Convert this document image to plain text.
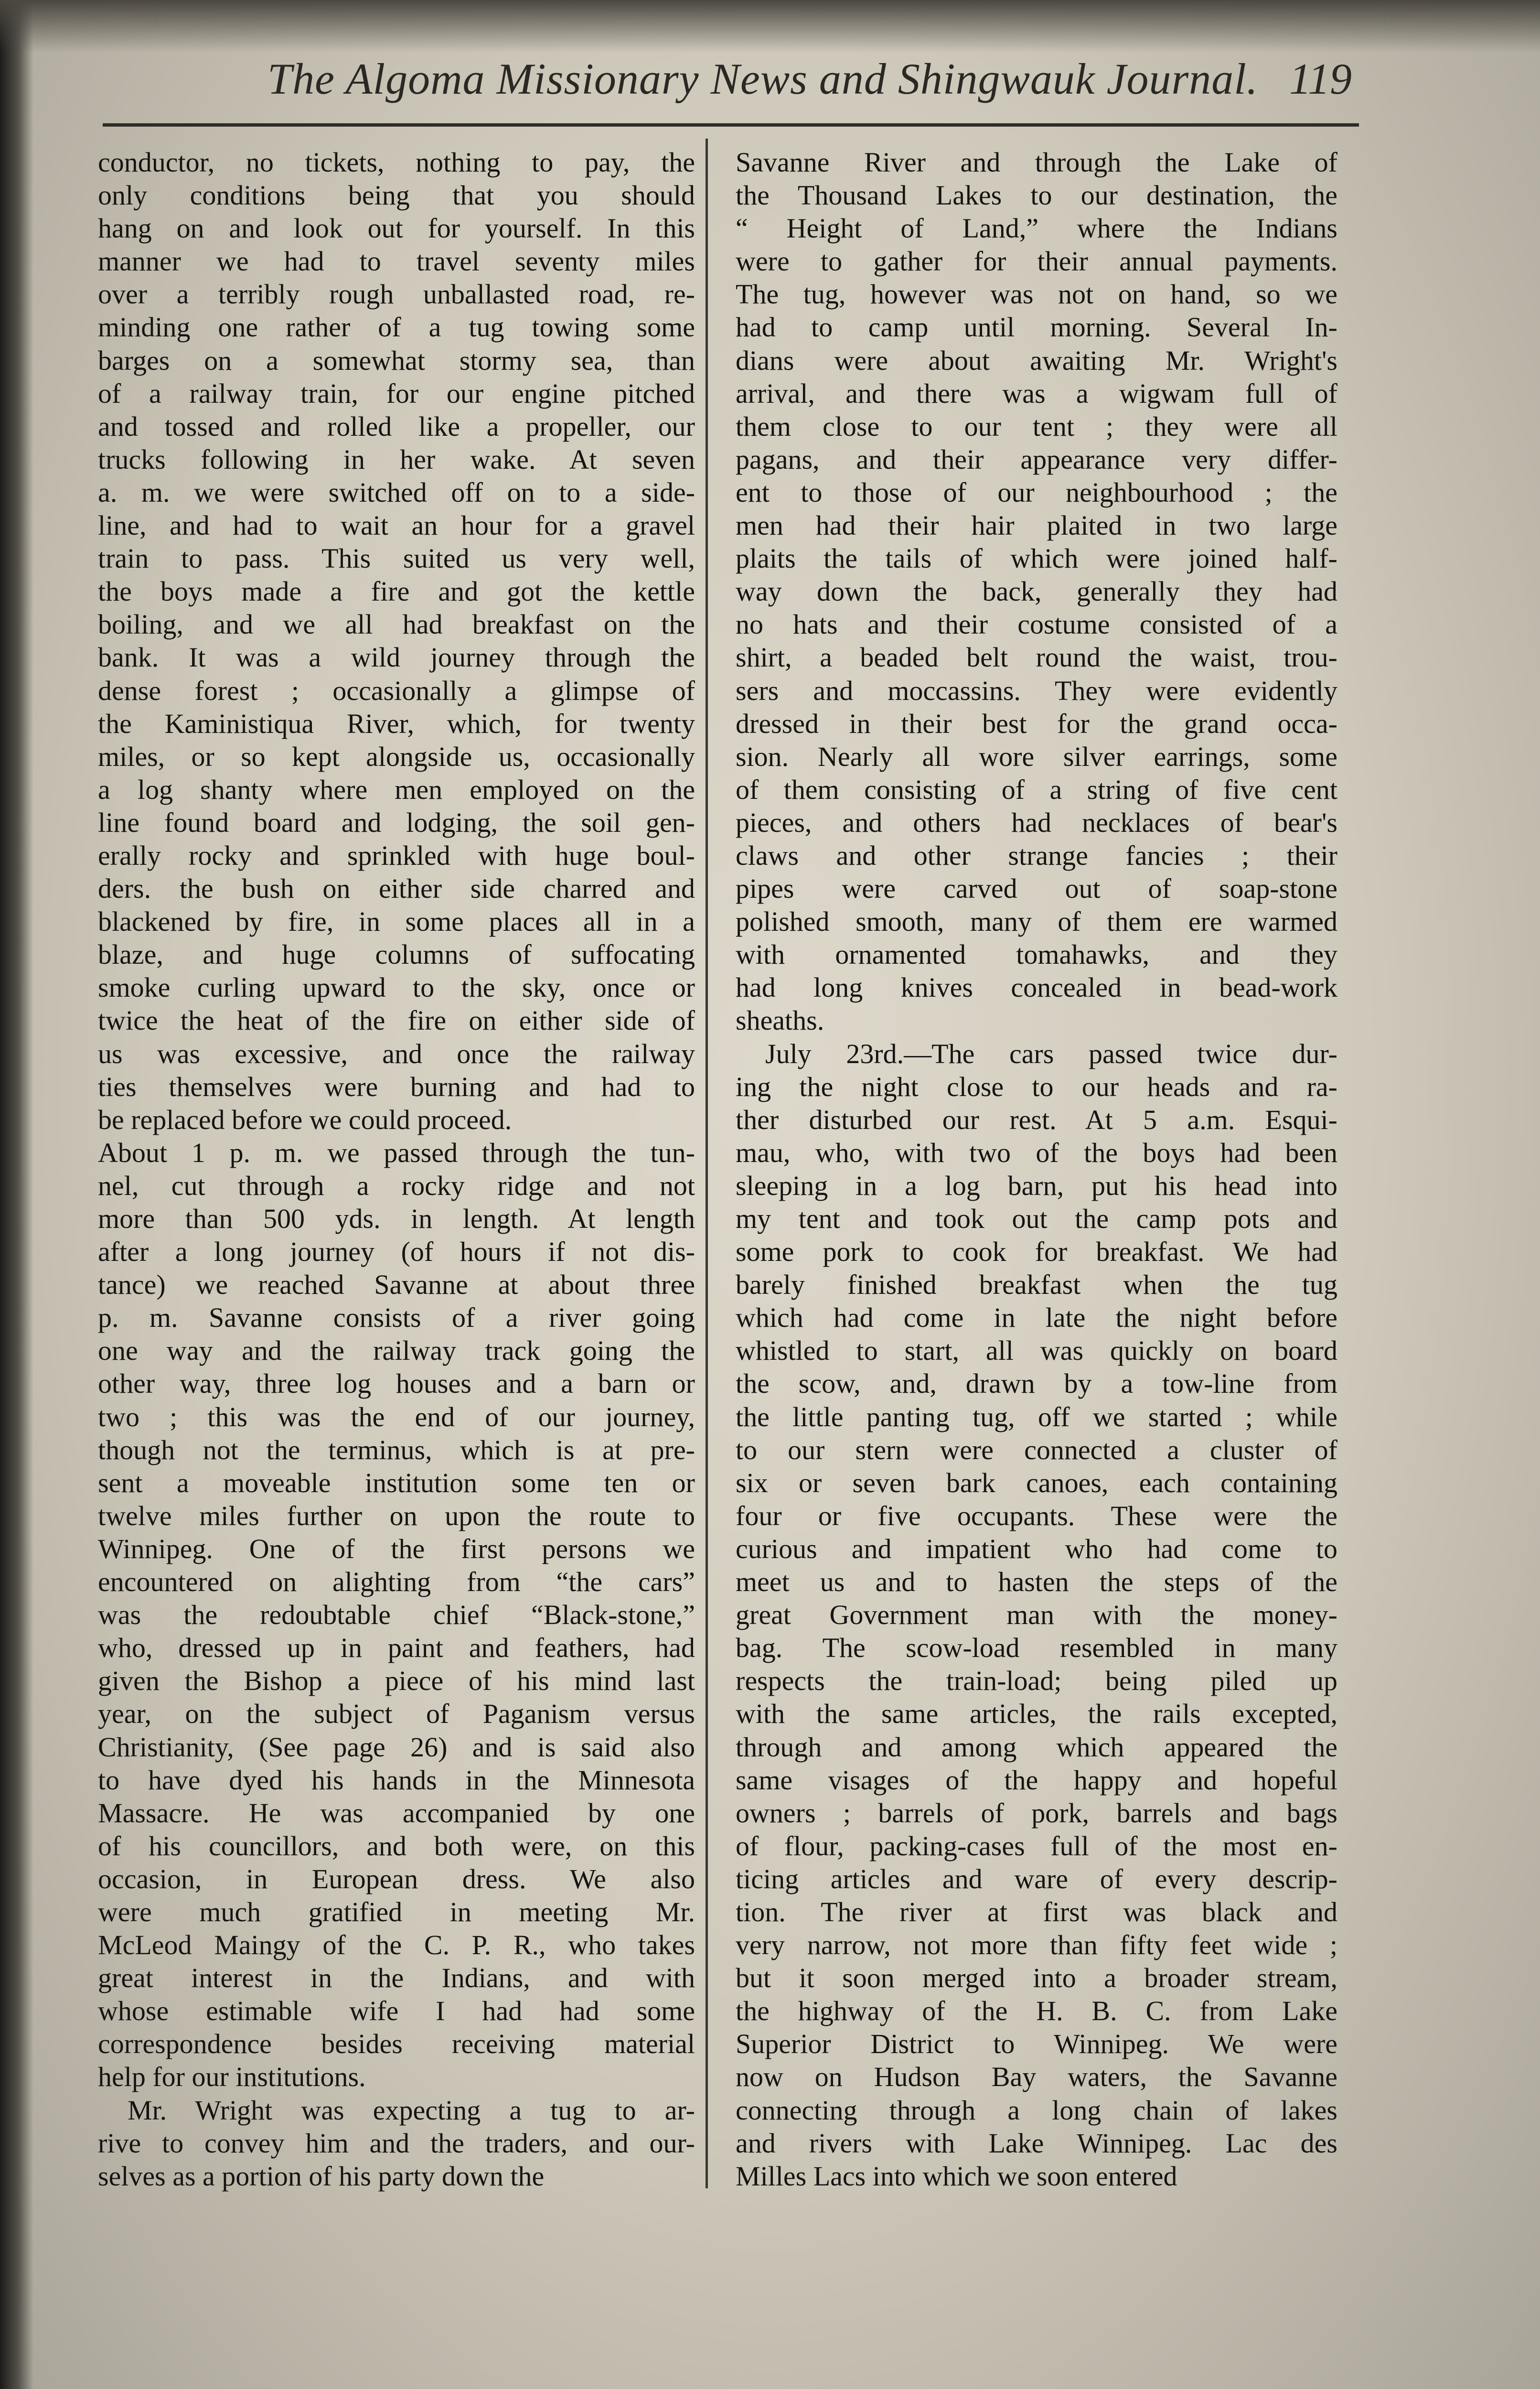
The Algoma Missionary News and Shingwauk Journal. 119
conductor, no tickets, nothing to pay, the
only conditions being that you should
hang on and look out for yourself. In this
manner we had to travel seventy miles
over a terribly rough unballasted road, re-
minding one rather of a tug towing some
barges on a somewhat stormy sea, than
of a railway train, for our engine pitched
and tossed and rolled like a propeller, our
trucks following in her wake. At seven
a. m. we were switched off on to a side-
line, and had to wait an hour for a gravel
train to pass. This suited us very well,
the boys made a fire and got the kettle
boiling, and we all had breakfast on the
bank. It was a wild journey through the
dense forest ; occasionally a glimpse of
the Kaministiqua River, which, for twenty
miles, or so kept alongside us, occasionally
a log shanty where men employed on the
line found board and lodging, the soil gen-
erally rocky and sprinkled with huge boul-
ders. the bush on either side charred and
blackened by fire, in some places all in a
blaze, and huge columns of suffocating
smoke curling upward to the sky, once or
twice the heat of the fire on either side of
us was excessive, and once the railway
ties themselves were burning and had to
be replaced before we could proceed.
About 1 p. m. we passed through the tun-
nel, cut through a rocky ridge and not
more than 500 yds. in length. At length
after a long journey (of hours if not dis-
tance) we reached Savanne at about three
p. m. Savanne consists of a river going
one way and the railway track going the
other way, three log houses and a barn or
two ; this was the end of our journey,
though not the terminus, which is at pre-
sent a moveable institution some ten or
twelve miles further on upon the route to
Winnipeg. One of the first persons we
encountered on alighting from “the cars”
was the redoubtable chief “Black-stone,”
who, dressed up in paint and feathers, had
given the Bishop a piece of his mind last
year, on the subject of Paganism versus
Christianity, (See page 26) and is said also
to have dyed his hands in the Minnesota
Massacre. He was accompanied by one
of his councillors, and both were, on this
occasion, in European dress. We also
were much gratified in meeting Mr.
McLeod Maingy of the C. P. R., who takes
great interest in the Indians, and with
whose estimable wife I had had some
correspondence besides receiving material
help for our institutions.
Mr. Wright was expecting a tug to ar-
rive to convey him and the traders, and our-
selves as a portion of his party down the
Savanne River and through the Lake of
the Thousand Lakes to our destination, the
“ Height of Land,” where the Indians
were to gather for their annual payments.
The tug, however was not on hand, so we
had to camp until morning. Several In-
dians were about awaiting Mr. Wright's
arrival, and there was a wigwam full of
them close to our tent ; they were all
pagans, and their appearance very differ-
ent to those of our neighbourhood ; the
men had their hair plaited in two large
plaits the tails of which were joined half-
way down the back, generally they had
no hats and their costume consisted of a
shirt, a beaded belt round the waist, trou-
sers and moccassins. They were evidently
dressed in their best for the grand occa-
sion. Nearly all wore silver earrings, some
of them consisting of a string of five cent
pieces, and others had necklaces of bear's
claws and other strange fancies ; their
pipes were carved out of soap-stone
polished smooth, many of them ere warmed
with ornamented tomahawks, and they
had long knives concealed in bead-work
sheaths.
July 23rd.—The cars passed twice dur-
ing the night close to our heads and ra-
ther disturbed our rest. At 5 a.m. Esqui-
mau, who, with two of the boys had been
sleeping in a log barn, put his head into
my tent and took out the camp pots and
some pork to cook for breakfast. We had
barely finished breakfast when the tug
which had come in late the night before
whistled to start, all was quickly on board
the scow, and, drawn by a tow-line from
the little panting tug, off we started ; while
to our stern were connected a cluster of
six or seven bark canoes, each containing
four or five occupants. These were the
curious and impatient who had come to
meet us and to hasten the steps of the
great Government man with the money-
bag. The scow-load resembled in many
respects the train-load; being piled up
with the same articles, the rails excepted,
through and among which appeared the
same visages of the happy and hopeful
owners ; barrels of pork, barrels and bags
of flour, packing-cases full of the most en-
ticing articles and ware of every descrip-
tion. The river at first was black and
very narrow, not more than fifty feet wide ;
but it soon merged into a broader stream,
the highway of the H. B. C. from Lake
Superior District to Winnipeg. We were
now on Hudson Bay waters, the Savanne
connecting through a long chain of lakes
and rivers with Lake Winnipeg. Lac des
Milles Lacs into which we soon entered
